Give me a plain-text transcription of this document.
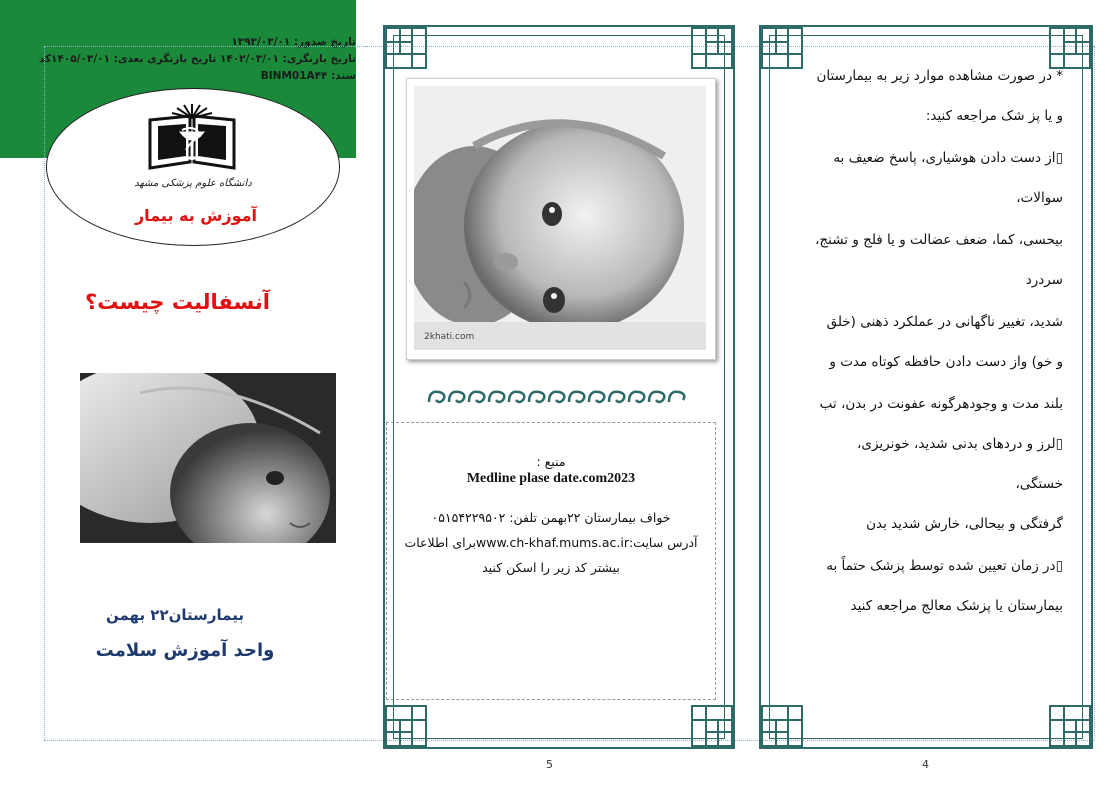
تاریخ صدور: ۱۳۹۳/۰۳/۰۱
تاریخ بازنگری: ۱۴۰۲/۰۳/۰۱ تاریخ بازنگری بعدی: ۱۴۰۵/۰۳/۰۱کد
سند: BINM01A۴۴
دانشگاه علوم پزشکی مشهد
آموزش به بیمار
آنسفالیت چیست؟
بیمارستان۲۲ بهمن
واحد آموزش سلامت
2khati.com
منبع :
Medline plase date.com2023
خواف بیمارستان ۲۲بهمن تلفن: ۰۵۱۵۴۲۲۹۵۰۲
آدرس سایت:www.ch-khaf.mums.ac.irبرای اطلاعات
بیشتر کد زیر را اسکن کنید
5
* در صورت مشاهده موارد زیر به بیمارستان
و یا پز شک مراجعه کنید:
▯از دست دادن هوشیاری، پاسخ ضعیف به
سوالات،
بیحسی، کما، ضعف عضالت و یا فلج و تشنج،
سردرد
شدید، تغییر ناگهانی در عملکرد ذهنی (خلق
و خو) واز دست دادن حافظه کوتاه مدت و
بلند مدت و وجودهرگونه عفونت در بدن، تب
▯لرز و دردهای بدنی شدید، خونریزی،
خستگی،
گرفتگی و بیحالی، خارش شدید بدن
▯در زمان تعیین شده توسط پزشک حتماً به
بیمارستان یا پزشک معالج مراجعه کنید
4
